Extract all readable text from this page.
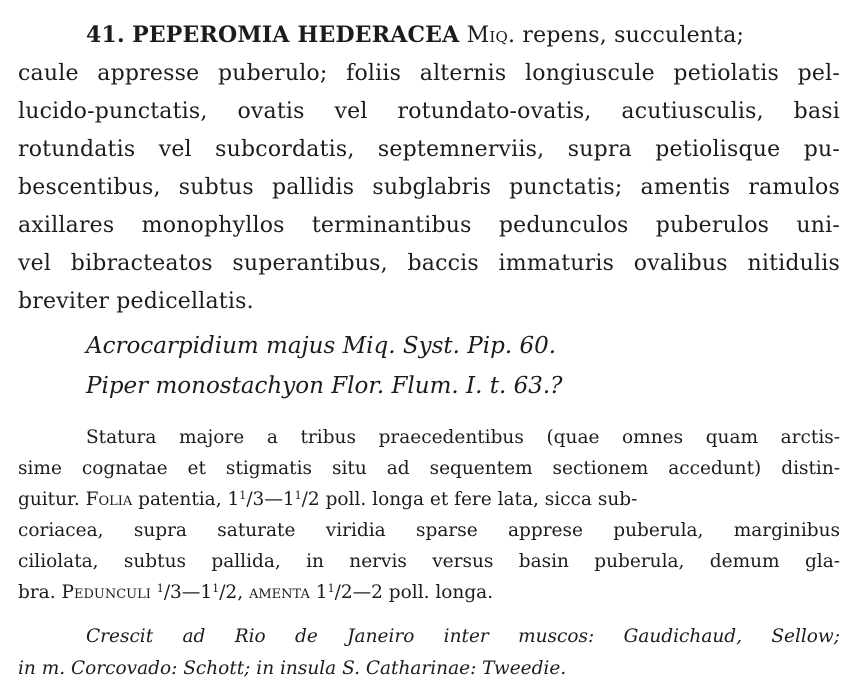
41. PEPEROMIA HEDERACEA Miq. repens, succulenta;
caule appresse puberulo; foliis alternis longiuscule petiolatis pel-
lucido-punctatis, ovatis vel rotundato-ovatis, acutiusculis, basi
rotundatis vel subcordatis, septemnerviis, supra petiolisque pu-
bescentibus, subtus pallidis subglabris punctatis; amentis ramulos
axillares monophyllos terminantibus pedunculos puberulos uni-
vel bibracteatos superantibus, baccis immaturis ovalibus nitidulis
breviter pedicellatis.
Acrocarpidium majus Miq. Syst. Pip. 60.
Piper monostachyon Flor. Flum. I. t. 63.?
Statura majore a tribus praecedentibus (quae omnes quam arctis-
sime cognatae et stigmatis situ ad sequentem sectionem accedunt) distin-
guitur. Folia patentia, $1^1/3—1^1/2$ poll. longa et fere lata, sicca sub-
coriacea, supra saturate viridia sparse apprese puberula, marginibus
ciliolata, subtus pallida, in nervis versus basin puberula, demum gla-
bra. Pedunculi $^1/3—1^1/2$, amenta $1^1/2—2$ poll. longa.
Crescit ad Rio de Janeiro inter muscos: Gaudichaud, Sellow;
in m. Corcovado: Schott; in insula S. Catharinae: Tweedie.
